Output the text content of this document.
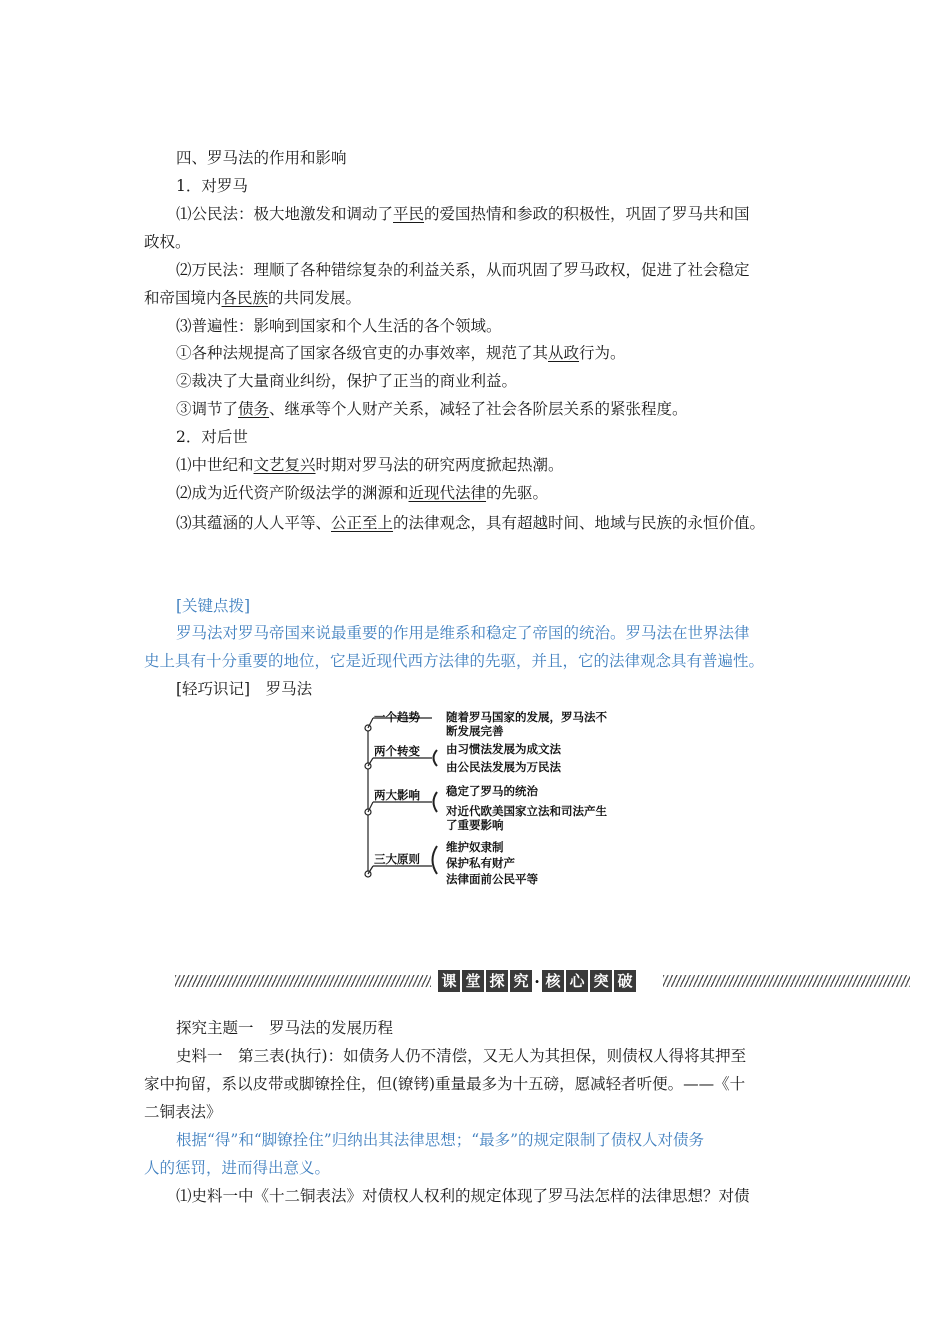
四、罗马法的作用和影响
1．对罗马
⑴公民法：极大地激发和调动了平民的爱国热情和参政的积极性，巩固了罗马共和国
政权。
⑵万民法：理顺了各种错综复杂的利益关系，从而巩固了罗马政权，促进了社会稳定
和帝国境内各民族的共同发展。
⑶普遍性：影响到国家和个人生活的各个领域。
①各种法规提高了国家各级官吏的办事效率，规范了其从政行为。
②裁决了大量商业纠纷，保护了正当的商业利益。
③调节了债务、继承等个人财产关系，减轻了社会各阶层关系的紧张程度。
2．对后世
⑴中世纪和文艺复兴时期对罗马法的研究两度掀起热潮。
⑵成为近代资产阶级法学的渊源和近现代法律的先驱。
⑶其蕴涵的人人平等、公正至上的法律观念，具有超越时间、地域与民族的永恒价值。
[关键点拨]
罗马法对罗马帝国来说最重要的作用是维系和稳定了帝国的统治。罗马法在世界法律
史上具有十分重要的地位，它是近现代西方法律的先驱，并且，它的法律观念具有普遍性。
[轻巧识记]　罗马法
一个趋势 随着罗马国家的发展，罗马法不
断发展完善
两个转变 由习惯法发展为成文法
由公民法发展为万民法
两大影响 稳定了罗马的统治
对近代欧美国家立法和司法产生
了重要影响
三大原则
维护奴隶制
保护私有财产
法律面前公民平等
课 堂 探 究 · 核 心 突 破
探究主题一　罗马法的发展历程
史料一　第三表(执行)：如债务人仍不清偿，又无人为其担保，则债权人得将其押至
家中拘留，系以皮带或脚镣拴住，但(镣铐)重量最多为十五磅，愿减轻者听便。——《十
二铜表法》
根据“得”和“脚镣拴住”归纳出其法律思想；“最多”的规定限制了债权人对债务
人的惩罚，进而得出意义。
⑴史料一中《十二铜表法》对债权人权利的规定体现了罗马法怎样的法律思想？对债
